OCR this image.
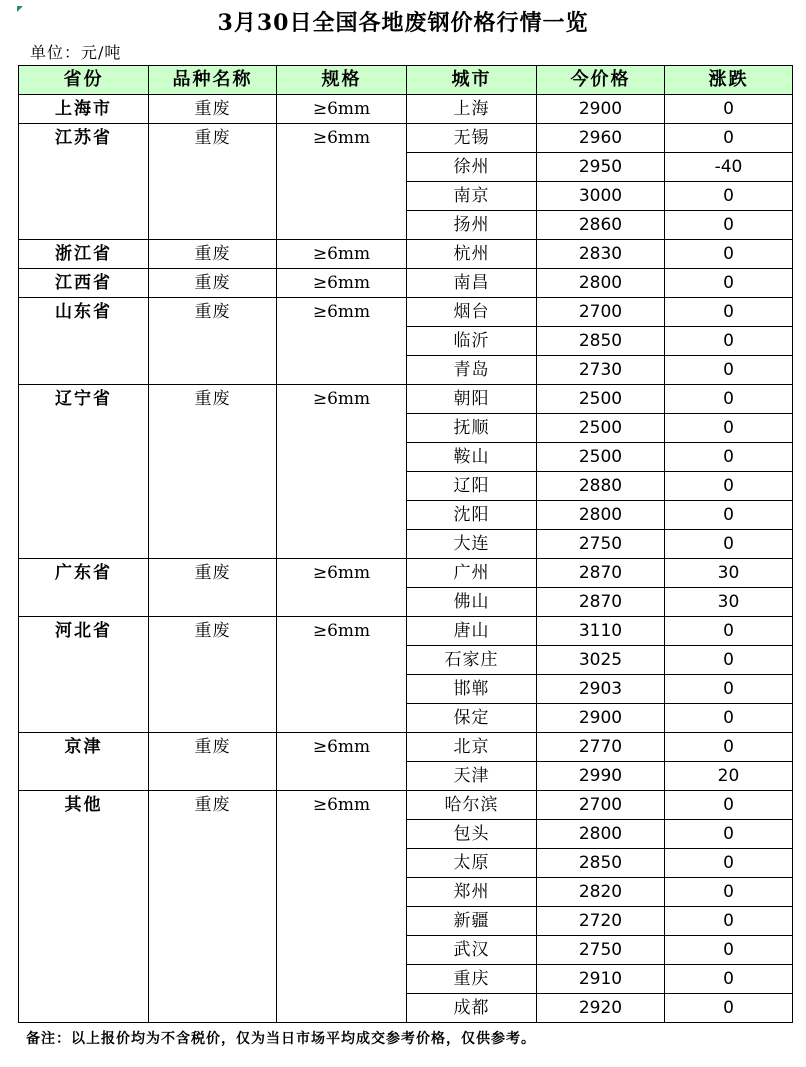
3月30日全国各地废钢价格行情一览
单位：元/吨
省份	品种名称	规格	城市	今价格	涨跌
上海市	重废	≥6mm	上海	2900	0
江苏省	重废	≥6mm	无锡	2960	0
			徐州	2950	-40
			南京	3000	0
			扬州	2860	0
浙江省	重废	≥6mm	杭州	2830	0
江西省	重废	≥6mm	南昌	2800	0
山东省	重废	≥6mm	烟台	2700	0
			临沂	2850	0
			青岛	2730	0
辽宁省	重废	≥6mm	朝阳	2500	0
			抚顺	2500	0
			鞍山	2500	0
			辽阳	2880	0
			沈阳	2800	0
			大连	2750	0
广东省	重废	≥6mm	广州	2870	30
			佛山	2870	30
河北省	重废	≥6mm	唐山	3110	0
			石家庄	3025	0
			邯郸	2903	0
			保定	2900	0
京津	重废	≥6mm	北京	2770	0
			天津	2990	20
其他	重废	≥6mm	哈尔滨	2700	0
			包头	2800	0
			太原	2850	0
			郑州	2820	0
			新疆	2720	0
			武汉	2750	0
			重庆	2910	0
			成都	2920	0
备注：以上报价均为不含税价，仅为当日市场平均成交参考价格，仅供参考。
